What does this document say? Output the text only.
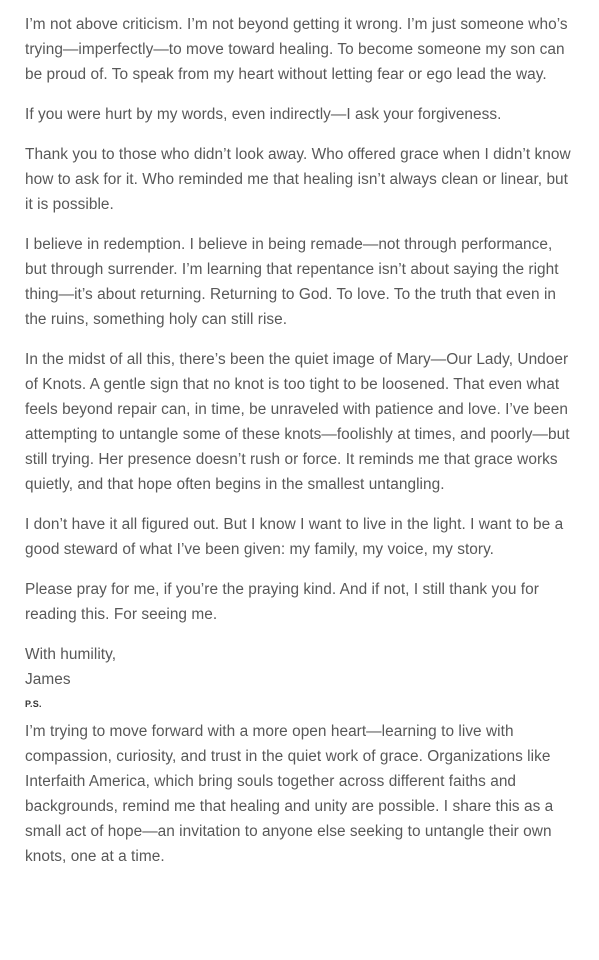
I’m not above criticism. I’m not beyond getting it wrong. I’m just someone who’s trying—imperfectly—to move toward healing. To become someone my son can be proud of. To speak from my heart without letting fear or ego lead the way.

If you were hurt by my words, even indirectly—I ask your forgiveness.

Thank you to those who didn’t look away. Who offered grace when I didn’t know how to ask for it. Who reminded me that healing isn’t always clean or linear, but it is possible.

I believe in redemption. I believe in being remade—not through performance, but through surrender. I’m learning that repentance isn’t about saying the right thing—it’s about returning. Returning to God. To love. To the truth that even in the ruins, something holy can still rise.

In the midst of all this, there’s been the quiet image of Mary—Our Lady, Undoer of Knots. A gentle sign that no knot is too tight to be loosened. That even what feels beyond repair can, in time, be unraveled with patience and love. I’ve been attempting to untangle some of these knots—foolishly at times, and poorly—but still trying. Her presence doesn’t rush or force. It reminds me that grace works quietly, and that hope often begins in the smallest untangling.

I don’t have it all figured out. But I know I want to live in the light. I want to be a good steward of what I’ve been given: my family, my voice, my story.

Please pray for me, if you’re the praying kind. And if not, I still thank you for reading this. For seeing me.

With humility,
James
P.S.

I’m trying to move forward with a more open heart—learning to live with compassion, curiosity, and trust in the quiet work of grace. Organizations like Interfaith America, which bring souls together across different faiths and backgrounds, remind me that healing and unity are possible. I share this as a small act of hope—an invitation to anyone else seeking to untangle their own knots, one at a time.
